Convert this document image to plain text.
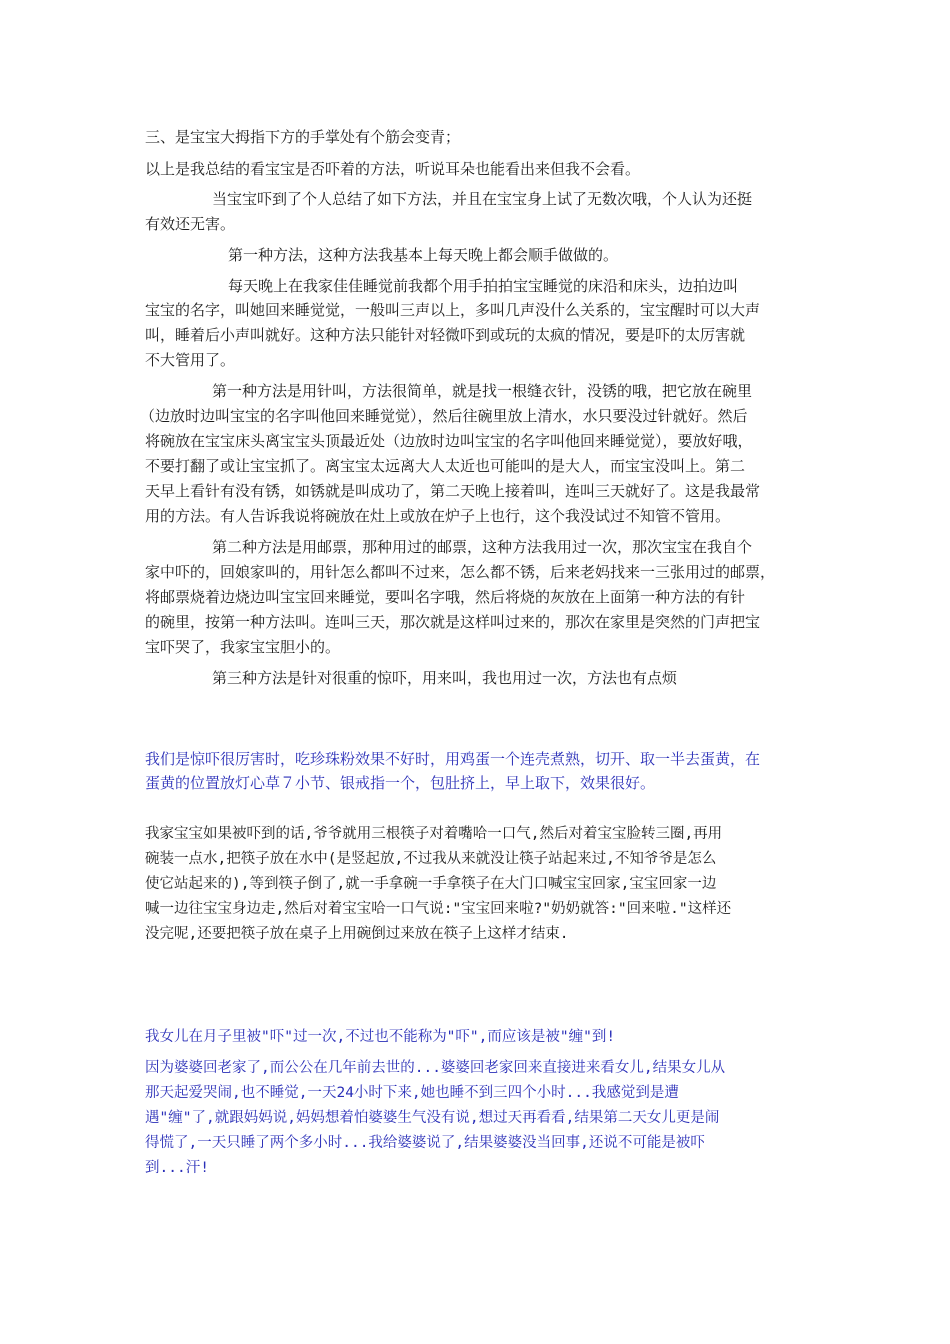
三、是宝宝大拇指下方的手掌处有个筋会变青；
以上是我总结的看宝宝是否吓着的方法，听说耳朵也能看出来但我不会看。
当宝宝吓到了个人总结了如下方法，并且在宝宝身上试了无数次哦，个人认为还挺
有效还无害。
第一种方法，这种方法我基本上每天晚上都会顺手做做的。
每天晚上在我家佳佳睡觉前我都个用手拍拍宝宝睡觉的床沿和床头，边拍边叫
宝宝的名字，叫她回来睡觉觉，一般叫三声以上，多叫几声没什么关系的，宝宝醒时可以大声
叫，睡着后小声叫就好。这种方法只能针对轻微吓到或玩的太疯的情况，要是吓的太厉害就
不大管用了。
第一种方法是用针叫，方法很简单，就是找一根缝衣针，没锈的哦，把它放在碗里
（边放时边叫宝宝的名字叫他回来睡觉觉），然后往碗里放上清水，水只要没过针就好。然后
将碗放在宝宝床头离宝宝头顶最近处（边放时边叫宝宝的名字叫他回来睡觉觉），要放好哦，
不要打翻了或让宝宝抓了。离宝宝太远离大人太近也可能叫的是大人，而宝宝没叫上。第二
天早上看针有没有锈，如锈就是叫成功了，第二天晚上接着叫，连叫三天就好了。这是我最常
用的方法。有人告诉我说将碗放在灶上或放在炉子上也行，这个我没试过不知管不管用。
第二种方法是用邮票，那种用过的邮票，这种方法我用过一次，那次宝宝在我自个
家中吓的，回娘家叫的，用针怎么都叫不过来，怎么都不锈，后来老妈找来一三张用过的邮票，
将邮票烧着边烧边叫宝宝回来睡觉，要叫名字哦，然后将烧的灰放在上面第一种方法的有针
的碗里，按第一种方法叫。连叫三天，那次就是这样叫过来的，那次在家里是突然的门声把宝
宝吓哭了，我家宝宝胆小的。
第三种方法是针对很重的惊吓，用来叫，我也用过一次，方法也有点烦
我们是惊吓很厉害时，吃珍珠粉效果不好时，用鸡蛋一个连壳煮熟，切开、取一半去蛋黄，在
蛋黄的位置放灯心草７小节、银戒指一个，包肚挤上，早上取下，效果很好。
我家宝宝如果被吓到的话,爷爷就用三根筷子对着嘴哈一口气,然后对着宝宝脸转三圈,再用
碗装一点水,把筷子放在水中(是竖起放,不过我从来就没让筷子站起来过,不知爷爷是怎么
使它站起来的),等到筷子倒了,就一手拿碗一手拿筷子在大门口喊宝宝回家,宝宝回家一边
喊一边往宝宝身边走,然后对着宝宝哈一口气说:"宝宝回来啦?"奶奶就答:"回来啦."这样还
没完呢,还要把筷子放在桌子上用碗倒过来放在筷子上这样才结束.
我女儿在月子里被"吓"过一次,不过也不能称为"吓",而应该是被"缠"到!
因为婆婆回老家了,而公公在几年前去世的...婆婆回老家回来直接进来看女儿,结果女儿从
那天起爱哭闹,也不睡觉,一天24小时下来,她也睡不到三四个小时...我感觉到是遭
遇"缠"了,就跟妈妈说,妈妈想着怕婆婆生气没有说,想过天再看看,结果第二天女儿更是闹
得慌了,一天只睡了两个多小时...我给婆婆说了,结果婆婆没当回事,还说不可能是被吓
到...汗!
